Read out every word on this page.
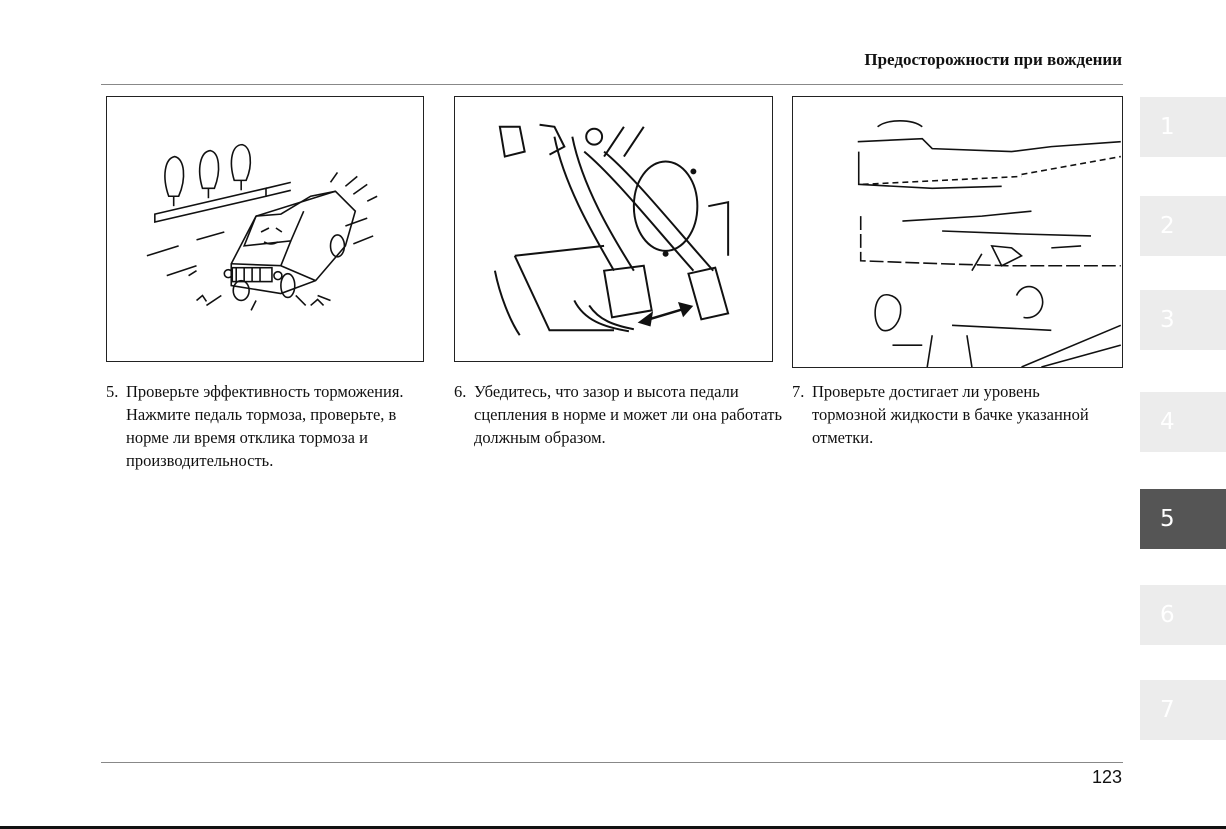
Предосторожности при вождении
5. Проверьте эффективность торможения. Нажмите педаль тормоза, проверьте, в норме ли время отклика тормоза и производительность.
6. Убедитесь, что зазор и высота педали сцепления в норме и может ли она работать должным образом.
7. Проверьте достигает ли уровень тормозной жидкости в бачке указанной отметки.
1
2
3
4
5
6
7
123
